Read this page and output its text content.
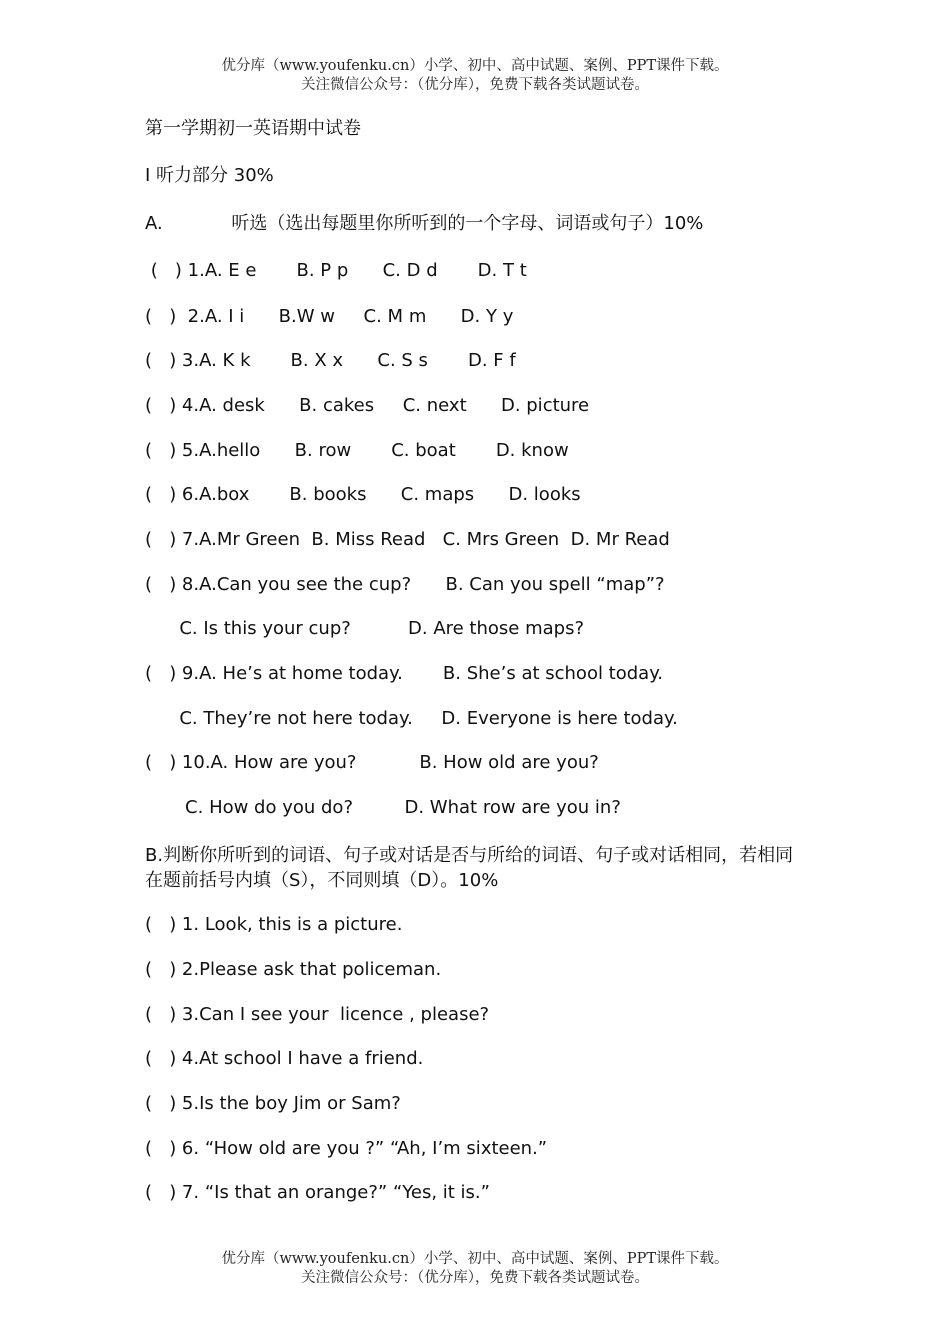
优分库（www.youfenku.cn）小学、初中、高中试题、案例、PPT课件下载。
关注微信公众号：（优分库），免费下载各类试题试卷。
第一学期初一英语期中试卷
I 听力部分 30%
A.            听选（选出每题里你所听到的一个字母、词语或句子）10%
(   ) 1.A. E e       B. P p      C. D d       D. T t
(   )  2.A. I i      B.W w     C. M m      D. Y y
(   ) 3.A. K k       B. X x      C. S s       D. F f
(   ) 4.A. desk      B. cakes     C. next      D. picture
(   ) 5.A.hello      B. row       C. boat       D. know
(   ) 6.A.box       B. books      C. maps      D. looks
(   ) 7.A.Mr Green  B. Miss Read   C. Mrs Green  D. Mr Read
(   ) 8.A.Can you see the cup?      B. Can you spell “map”?
C. Is this your cup?          D. Are those maps?
(   ) 9.A. He’s at home today.       B. She’s at school today.
C. They’re not here today.     D. Everyone is here today.
(   ) 10.A. How are you?           B. How old are you?
C. How do you do?         D. What row are you in?
B.判断你所听到的词语、句子或对话是否与所给的词语、句子或对话相同，若相同在题前括号内填（S），不同则填（D）。10%
(   ) 1. Look, this is a picture.
(   ) 2.Please ask that policeman.
(   ) 3.Can I see your  licence , please?
(   ) 4.At school I have a friend.
(   ) 5.Is the boy Jim or Sam?
(   ) 6. “How old are you ?” “Ah, I’m sixteen.”
(   ) 7. “Is that an orange?” “Yes, it is.”
优分库（www.youfenku.cn）小学、初中、高中试题、案例、PPT课件下载。
关注微信公众号：（优分库），免费下载各类试题试卷。
